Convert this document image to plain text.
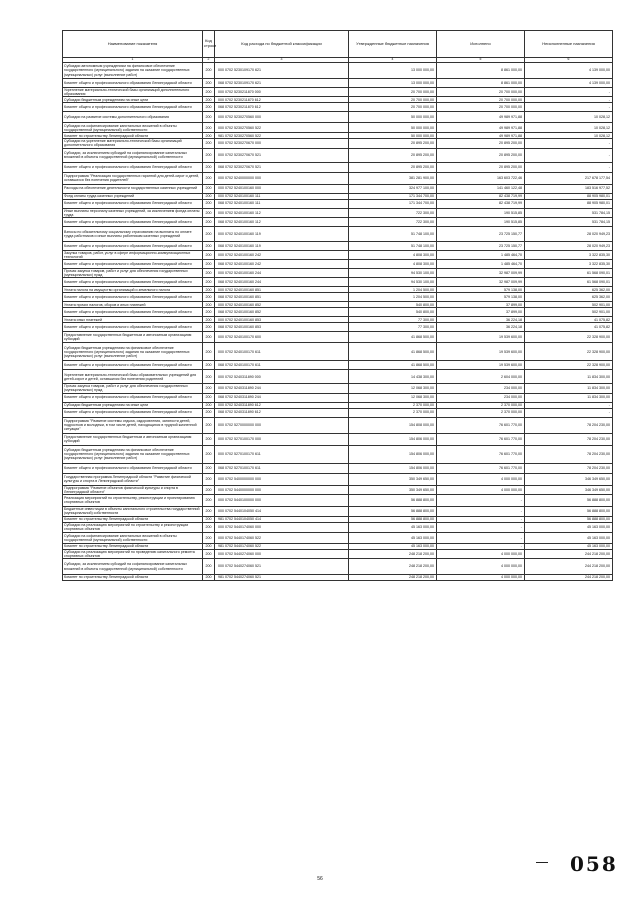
Наименование показателя	Код строки	Код расхода по бюджетной классификации	Утвержденные бюджетные назначения	Исполнено	Неисполненные назначения
1	2	3	4	5	6
Субсидии автономным учреждениям на финансовое обеспечение государственного (муниципального) задания на оказание государственных (муниципальных) услуг (выполнение работ)	200	000 0702 5230109170 621	13 000 000,00	8 861 000,00	4 139 000,00
Комитет общего и профессионального образования Ленинградской области	200	068 0702 5230109170 621	13 000 000,00	8 861 000,00	4 139 000,00
Укрепление материально-технической базы организаций дополнительного образования	200	000 0702 5230211870 000	20 700 000,00	20 700 000,00	-
Субсидии бюджетным учреждениям на иные цели	200	000 0702 5230211870 612	20 700 000,00	20 700 000,00	-
Комитет общего и профессионального образования Ленинградской области	200	068 0702 5230211870 612	20 700 000,00	20 700 000,00	-
Субсидии на развитие системы дополнительного образования	200	000 0702 5230270560 000	50 000 000,00	49 989 971,88	10 028,12
Субсидии на софинансирование капитальных вложений в объекты государственной (муниципальной) собственности	200	000 0702 5230270560 522	50 000 000,00	49 989 971,88	10 028,12
Комитет по строительству Ленинградской области	200	981 0702 5230270560 522	50 000 000,00	49 989 971,88	10 028,12
Субсидии на укрепление материально-технической базы организаций дополнительного образования	200	000 0702 5230270670 000	20 895 200,00	20 895 200,00	-
Субсидии, за исключением субсидий на софинансирование капитальных вложений в объекты государственной (муниципальной) собственности	200	000 0702 5230270670 521	20 895 200,00	20 895 200,00	-
Комитет общего и профессионального образования Ленинградской области	200	068 0702 5230270670 521	20 895 200,00	20 895 200,00	-
Подпрограмма "Реализация государственных гарантий для детей-сирот и детей, оставшихся без попечения родителей"	200	000 0702 5240000000 000	381 281 900,00	163 603 722,46	217 678 177,54
Расходы на обеспечение деятельности государственных казенных учреждений	200	000 0702 5240100160 000	324 977 100,00	141 460 122,48	183 516 977,52
Фонд оплаты труда казенных учреждений	200	000 0702 5240100160 111	171 344 700,00	82 438 719,99	88 905 980,01
Комитет общего и профессионального образования Ленинградской области	200	068 0702 5240100160 111	171 344 700,00	82 438 719,99	88 905 980,01
Иные выплаты персоналу казенных учреждений, за исключением фонда оплаты труда	200	000 0702 5240100160 112	722 300,00	190 515,85	531 784,15
Комитет общего и профессионального образования Ленинградской области	200	068 0702 5240100160 112	722 300,00	190 515,85	531 784,15
Взносы по обязательному социальному страхованию на выплаты по оплате труда работников и иные выплаты работникам казенных учреждений	200	000 0702 5240100160 119	51 748 100,00	23 725 150,77	28 020 949,23
Комитет общего и профессионального образования Ленинградской области	200	068 0702 5240100160 119	51 748 100,00	23 725 150,77	28 020 949,23
Закупка товаров, работ, услуг в сфере информационно-коммуникационных технологий	200	000 0702 5240100160 242	4 808 300,00	1 485 464,70	3 322 835,30
Комитет общего и профессионального образования Ленинградской области	200	068 0702 5240100160 242	4 808 300,00	1 485 464,70	3 322 835,30
Прочая закупка товаров, работ и услуг для обеспечения государственных (муниципальных) нужд	200	000 0702 5240100160 244	94 530 100,00	32 987 009,99	61 568 090,01
Комитет общего и профессионального образования Ленинградской области	200	068 0702 5240100160 244	94 530 100,00	32 987 009,99	61 568 090,01
Уплата налога на имущество организаций и земельного налога	200	000 0702 5240100160 851	1 204 500,00	579 138,00	625 362,00
Комитет общего и профессионального образования Ленинградской области	200	068 0702 5240100160 851	1 204 500,00	579 138,00	625 362,00
Уплата прочих налогов, сборов и иных платежей	200	000 0702 5240100160 852	540 800,00	37 899,00	502 901,00
Комитет общего и профессионального образования Ленинградской области	200	068 0702 5240100160 852	540 800,00	37 899,00	502 901,00
Уплата иных платежей	200	000 0702 5240100160 853	77 300,00	36 224,18	41 075,82
Комитет общего и профессионального образования Ленинградской области	200	068 0702 5240100160 853	77 300,00	36 224,18	41 075,82
Предоставление государственных бюджетным и автономным организациям субсидий	200	000 0702 5240100170 600	41 868 500,00	19 539 600,00	22 328 900,00
Субсидии бюджетным учреждениям на финансовое обеспечение государственного (муниципального) задания на оказание государственных (муниципальных) услуг (выполнение работ)	200	000 0702 5240100170 611	41 868 500,00	19 539 600,00	22 328 900,00
Комитет общего и профессионального образования Ленинградской области	200	068 0702 5240100170 611	41 868 500,00	19 539 600,00	22 328 900,00
Укрепление материально-технической базы образовательных учреждений для детей-сирот и детей, оставшихся без попечения родителей	200	000 0702 5240311890 000	14 438 300,00	2 604 000,00	11 834 300,00
Прочая закупка товаров, работ и услуг для обеспечения государственных (муниципальных) нужд	200	000 0702 5240311890 244	12 068 300,00	234 000,00	11 834 300,00
Комитет общего и профессионального образования Ленинградской области	200	068 0702 5240311890 244	12 068 300,00	234 000,00	11 834 300,00
Субсидии бюджетным учреждениям на иные цели	200	000 0702 5240311890 612	2 370 000,00	2 370 000,00	-
Комитет общего и профессионального образования Ленинградской области	200	068 0702 5240311890 612	2 370 000,00	2 370 000,00	-
Подпрограмма "Развитие системы отдыха, оздоровления, занятости детей, подростков и молодежи, в том числе детей, находящихся в трудной жизненной ситуации"	200	000 0702 5270000000 000	154 808 000,00	76 601 770,00	78 204 230,00
Предоставление государственных бюджетным и автономным организациям субсидий	200	000 0702 5270100170 000	154 806 000,00	76 601 770,00	78 204 230,00
Субсидии бюджетным учреждениям на финансовое обеспечение государственного (муниципального) задания на оказание государственных (муниципальных) услуг (выполнение работ)	200	000 0702 5270100170 611	154 806 000,00	76 601 770,00	78 204 230,00
Комитет общего и профессионального образования Ленинградской области	200	068 0702 5270100170 611	154 806 000,00	76 601 770,00	78 204 230,00
Государственная программа Ленинградской области "Развитие физической культуры и спорта в Ленинградской области"	200	000 0702 5400000000 000	350 349 650,00	4 000 000,00	346 349 650,00
Подпрограмма "Развитие объектов физической культуры и спорта в Ленинградской области"	200	000 0702 5440000000 000	350 349 650,00	4 000 000,00	346 349 650,00
Реализация мероприятий по строительству, реконструкции и проектированию спортивных объектов	200	000 0702 5440100000 000	56 888 800,00	-	56 888 800,00
Бюджетные инвестиции в объекты капитального строительства государственной (муниципальной) собственности	200	000 0702 5440104050 414	56 888 800,00	-	56 888 800,00
Комитет по строительству Ленинградской области	200	981 0702 5440104050 414	56 888 800,00	-	56 888 800,00
Субсидии на реализацию мероприятий по строительству и реконструкции спортивных объектов	200	000 0702 5440174060 000	45 163 000,00	-	45 163 000,00
Субсидии на софинансирование капитальных вложений в объекты государственной (муниципальной) собственности	200	000 0702 5440174060 522	45 163 000,00	-	45 163 000,00
Комитет по строительству Ленинградской области	200	981 0702 5440174060 522	45 163 000,00	-	45 163 000,00
Субсидии на реализацию мероприятий по проведению капитального ремонта спортивных объектов	200	000 0702 5440274060 000	248 218 200,00	4 000 000,00	244 218 200,00
Субсидии, за исключением субсидий на софинансирование капитальных вложений в объекты государственной (муниципальной) собственности	200	000 0702 5440274060 521	248 218 200,00	4 000 000,00	244 218 200,00
Комитет по строительству Ленинградской области	200	981 0702 5440274060 521	248 218 200,00	4 000 000,00	244 218 200,00
058
56
